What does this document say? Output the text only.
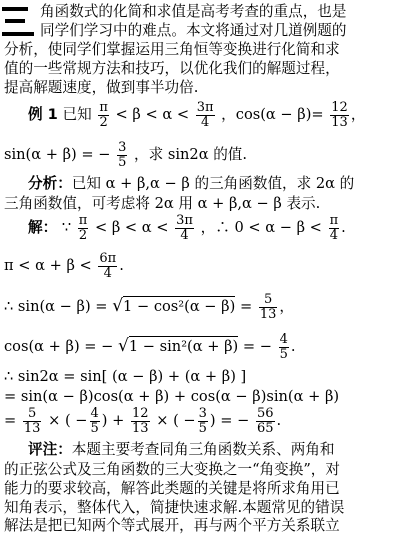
角函数式的化简和求值是高考考查的重点，也是
同学们学习中的难点。本文将通过对几道例题的
分析，使同学们掌握运用三角恒等变换进行化简和求
值的一些常规方法和技巧，以优化我们的解题过程，
提高解题速度，做到事半功倍.
例 1 已知 $\frac{\pi}{2} < \beta < \alpha < \frac{3\pi}{4}$ ，$\cos(\alpha - \beta)= \frac{12}{13}$ ，
sin(α + β) = − $\frac{3}{5}$ ，求 sin2α 的值.
分析：已知 α + β,α − β 的三角函数值，求 2α 的
三角函数值，可考虑将 2α 用 α + β,α − β 表示.
解： ∵ $\frac{\pi}{2} < \beta < \alpha < \frac{3\pi}{4}$ ，∴ $0 < \alpha - \beta < \frac{\pi}{4}$ .
$\pi < \alpha + \beta < \frac{6\pi}{4}$ .
∴ $\sin(\alpha - \beta) = √1 - \cos^2(\alpha - \beta) = \frac{5}{13}$ ，
cos(α + β) = − √1 − sin²(α + β) = − $\frac{4}{5}$ .
∴ sin2α = sin[ (α − β) + (α + β) ]
= sin(α − β)cos(α + β) + cos(α − β)sin(α + β)
= $\frac{5}{13}$ × ( − $\frac{4}{5}$ ) + $\frac{12}{13}$ × ( − $\frac{3}{5}$ ) = − $\frac{56}{65}$ .
评注：本题主要考查同角三角函数关系、两角和
的正弦公式及三角函数的三大变换之一“角变换”，对
能力的要求较高，解答此类题的关键是将所求角用已
知角表示，整体代入，简捷快速求解.本题常见的错误
解法是把已知两个等式展开，再与两个平方关系联立
